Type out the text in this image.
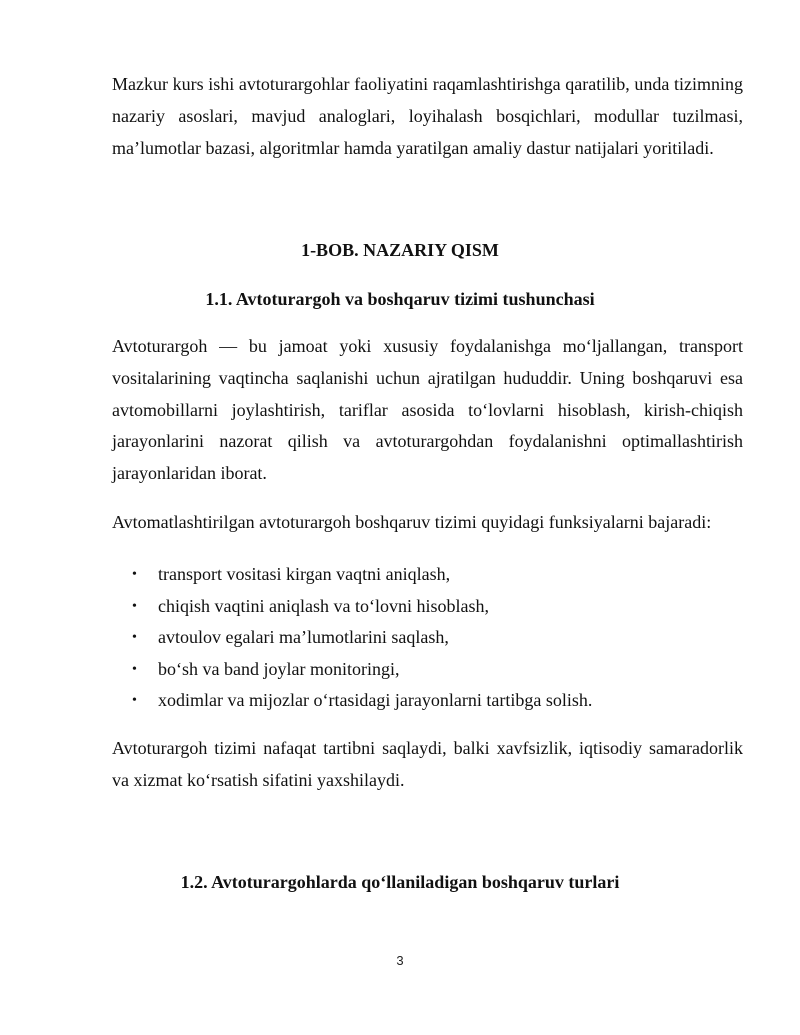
Mazkur kurs ishi avtoturargohlar faoliyatini raqamlashtirishga qaratilib, unda tizimning nazariy asoslari, mavjud analoglari, loyihalash bosqichlari, modullar tuzilmasi, ma’lumotlar bazasi, algoritmlar hamda yaratilgan amaliy dastur natijalari yoritiladi.

1-BOB. NAZARIY QISM
1.1. Avtoturargoh va boshqaruv tizimi tushunchasi

Avtoturargoh — bu jamoat yoki xususiy foydalanishga mo‘ljallangan, transport vositalarining vaqtincha saqlanishi uchun ajratilgan hududdir. Uning boshqaruvi esa avtomobillarni joylashtirish, tariflar asosida to‘lovlarni hisoblash, kirish-chiqish jarayonlarini nazorat qilish va avtoturargohdan foydalanishni optimallashtirish jarayonlaridan iborat.

Avtomatlashtirilgan avtoturargoh boshqaruv tizimi quyidagi funksiyalarni bajaradi:

• transport vositasi kirgan vaqtni aniqlash,
• chiqish vaqtini aniqlash va to‘lovni hisoblash,
• avtoulov egalari ma’lumotlarini saqlash,
• bo‘sh va band joylar monitoringi,
• xodimlar va mijozlar o‘rtasidagi jarayonlarni tartibga solish.

Avtoturargoh tizimi nafaqat tartibni saqlaydi, balki xavfsizlik, iqtisodiy samaradorlik va xizmat ko‘rsatish sifatini yaxshilaydi.

1.2. Avtoturargohlarda qo‘llaniladigan boshqaruv turlari
3
